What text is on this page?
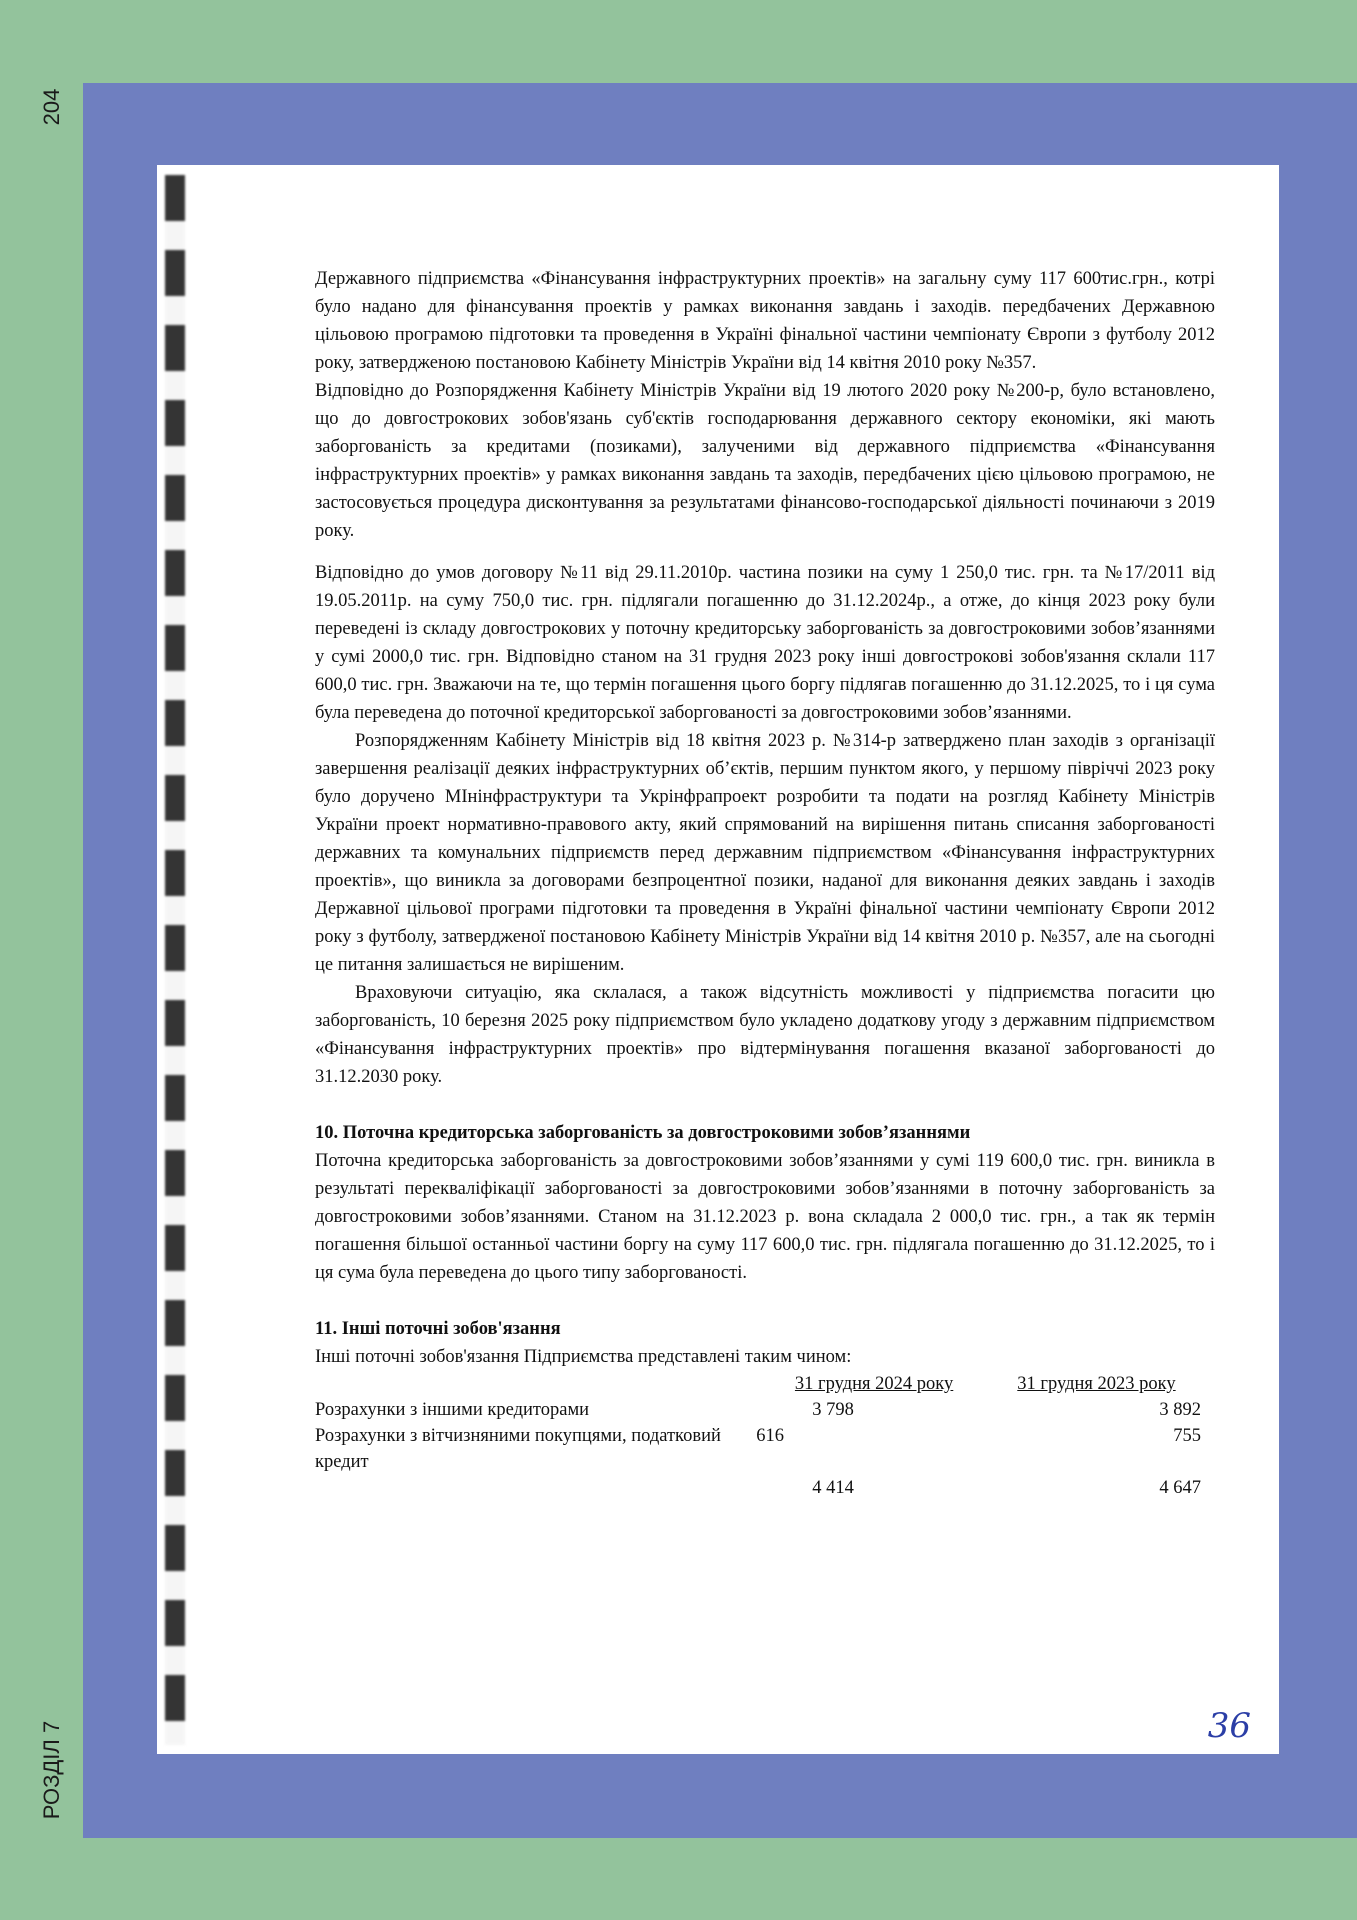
204
РОЗДІЛ 7

Державного підприємства «Фінансування інфраструктурних проектів» на загальну суму 117 600тис.грн., котрі було надано для фінансування проектів у рамках виконання завдань і заходів. передбачених Державною цільовою програмою підготовки та проведення в Україні фінальної частини чемпіонату Європи з футболу 2012 року, затвердженою постановою Кабінету Міністрів України від 14 квітня 2010 року №357.

Відповідно до Розпорядження Кабінету Міністрів України від 19 лютого 2020 року №200-р, було встановлено, що до довгострокових зобов'язань суб'єктів господарювання державного сектору економіки, які мають заборгованість за кредитами (позиками), залученими від державного підприємства «Фінансування інфраструктурних проектів» у рамках виконання завдань та заходів, передбачених цією цільовою програмою, не застосовується процедура дисконтування за результатами фінансово-господарської діяльності починаючи з 2019 року.

Відповідно до умов договору №11 від 29.11.2010р. частина позики на суму 1 250,0 тис. грн. та №17/2011 від 19.05.2011р. на суму 750,0 тис. грн. підлягали погашенню до 31.12.2024р., а отже, до кінця 2023 року були переведені із складу довгострокових у поточну кредиторську заборгованість за довгостроковими зобов’язаннями у сумі 2000,0 тис. грн. Відповідно станом на 31 грудня 2023 року інші довгострокові зобов'язання склали 117 600,0 тис. грн. Зважаючи на те, що термін погашення цього боргу підлягав погашенню до 31.12.2025, то і ця сума була переведена до поточної кредиторської заборгованості за довгостроковими зобов’язаннями.

Розпорядженням Кабінету Міністрів від 18 квітня 2023 р. №314-р затверджено план заходів з організації завершення реалізації деяких інфраструктурних об’єктів, першим пунктом якого, у першому півріччі 2023 року було доручено МІнінфраструктури та Укрінфрапроект розробити та подати на розгляд Кабінету Міністрів України проект нормативно-правового акту, який спрямований на вирішення питань списання заборгованості державних та комунальних підприємств перед державним підприємством «Фінансування інфраструктурних проектів», що виникла за договорами безпроцентної позики, наданої для виконання деяких завдань і заходів Державної цільової програми підготовки та проведення в Україні фінальної частини чемпіонату Європи 2012 року з футболу, затвердженої постановою Кабінету Міністрів України від 14 квітня 2010 р. №357, але на сьогодні це питання залишається не вирішеним.

Враховуючи ситуацію, яка склалася, а також відсутність можливості у підприємства погасити цю заборгованість, 10 березня 2025 року підприємством було укладено додаткову угоду з державним підприємством «Фінансування інфраструктурних проектів» про відтермінування погашення вказаної заборгованості до 31.12.2030 року.

10. Поточна кредиторська заборгованість за довгостроковими зобов’язаннями

Поточна кредиторська заборгованість за довгостроковими зобов’язаннями у сумі 119 600,0 тис. грн. виникла в результаті перекваліфікації заборгованості за довгостроковими зобов’язаннями в поточну заборгованість за довгостроковими зобов’язаннями. Станом на 31.12.2023 р. вона складала 2 000,0 тис. грн., а так як термін погашення більшої останньої частини боргу на суму 117 600,0 тис. грн. підлягала погашенню до 31.12.2025, то і ця сума була переведена до цього типу заборгованості.

11. Інші поточні зобов'язання

Інші поточні зобов'язання Підприємства представлені таким чином:

	31 грудня 2024 року	31 грудня 2023 року
Розрахунки з іншими кредиторами	3 798	3 892
Розрахунки з вітчизняними покупцями, податковий кредит	616	755
	4 414	4 647
36
